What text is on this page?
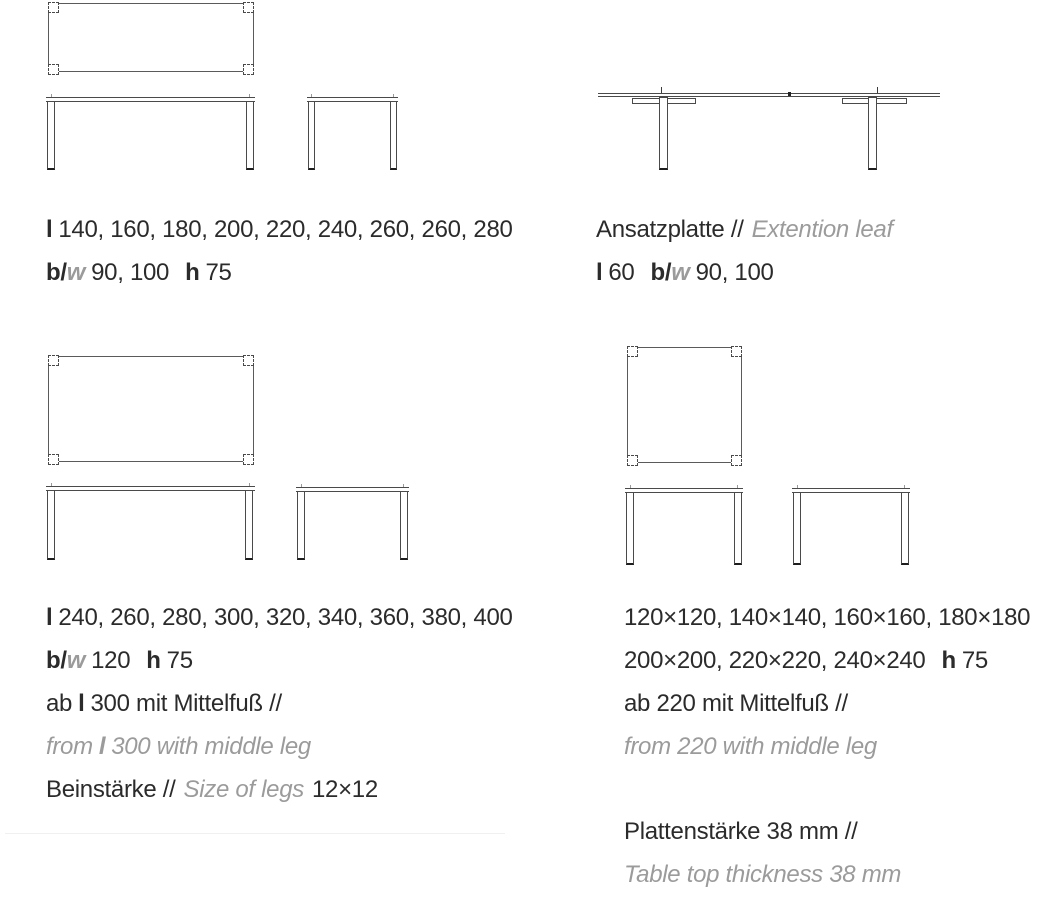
l 140, 160, 180, 200, 220, 240, 260, 260, 280
b/w 90, 100 h 75
Ansatzplatte // Extention leaf
l 60 b/w 90, 100
l 240, 260, 280, 300, 320, 340, 360, 380, 400
b/w 120 h 75
ab l 300 mit Mittelfuß //
from l 300 with middle leg
Beinstärke // Size of legs 12×12
120×120, 140×140, 160×160, 180×180
200×200, 220×220, 240×240 h 75
ab 220 mit Mittelfuß //
from 220 with middle leg
Plattenstärke 38 mm //
Table top thickness 38 mm
